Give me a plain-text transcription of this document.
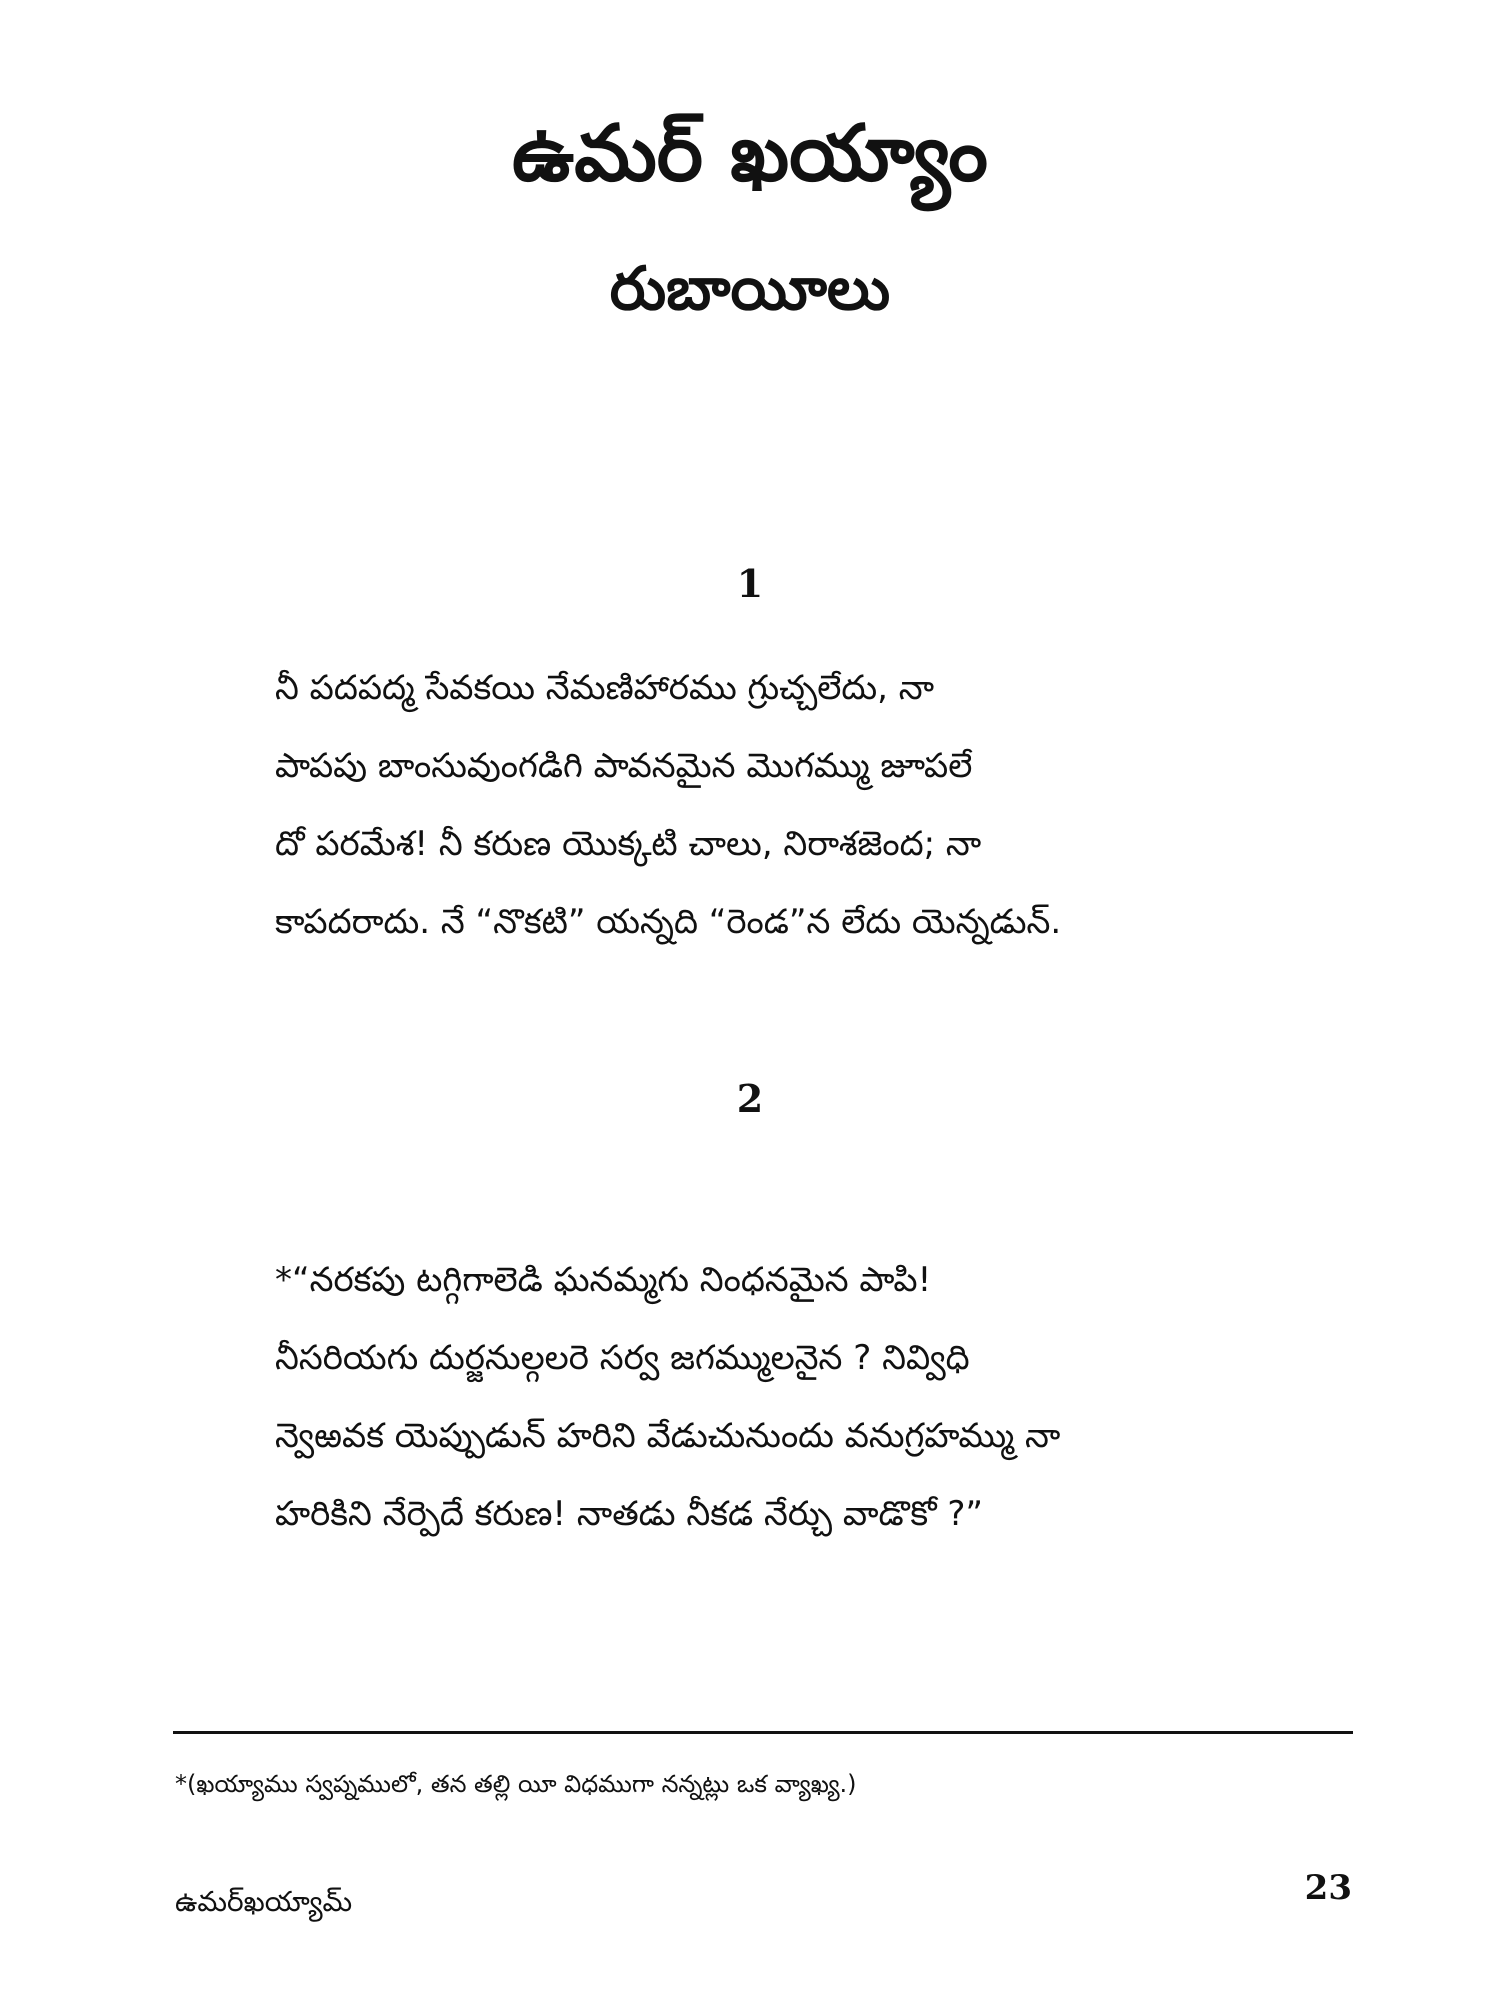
ఉమర్ ఖయ్యాం
రుబాయీలు
1
నీ పదపద్మ సేవకయి నేమణిహారము గ్రుచ్చలేదు, నా
పాపపు బాంసువుంగడిగి పావనమైన మొగమ్ము జూపలే
దో పరమేశ! నీ కరుణ యొక్కటి చాలు, నిరాశజెంద; నా
కాపదరాదు. నే “నొకటి” యన్నది “రెండ”న లేదు యెన్నడున్.
2
*“నరకపు టగ్గిగాలెడి ఘనమ్మగు నింధనమైన పాపి!
నీసరియగు దుర్జనుల్గలరె సర్వ జగమ్ములనైన ? నివ్విధి
న్వెఱవక యెప్పుడున్ హరిని వేడుచునుందు వనుగ్రహమ్ము నా
హరికిని నేర్పెదే కరుణ! నాతడు నీకడ నేర్చు వాడొకో ?”
*(ఖయ్యాము స్వప్నములో, తన తల్లి యీ విధముగా నన్నట్లు ఒక వ్యాఖ్య.)
ఉమర్‌ఖయ్యామ్	23
